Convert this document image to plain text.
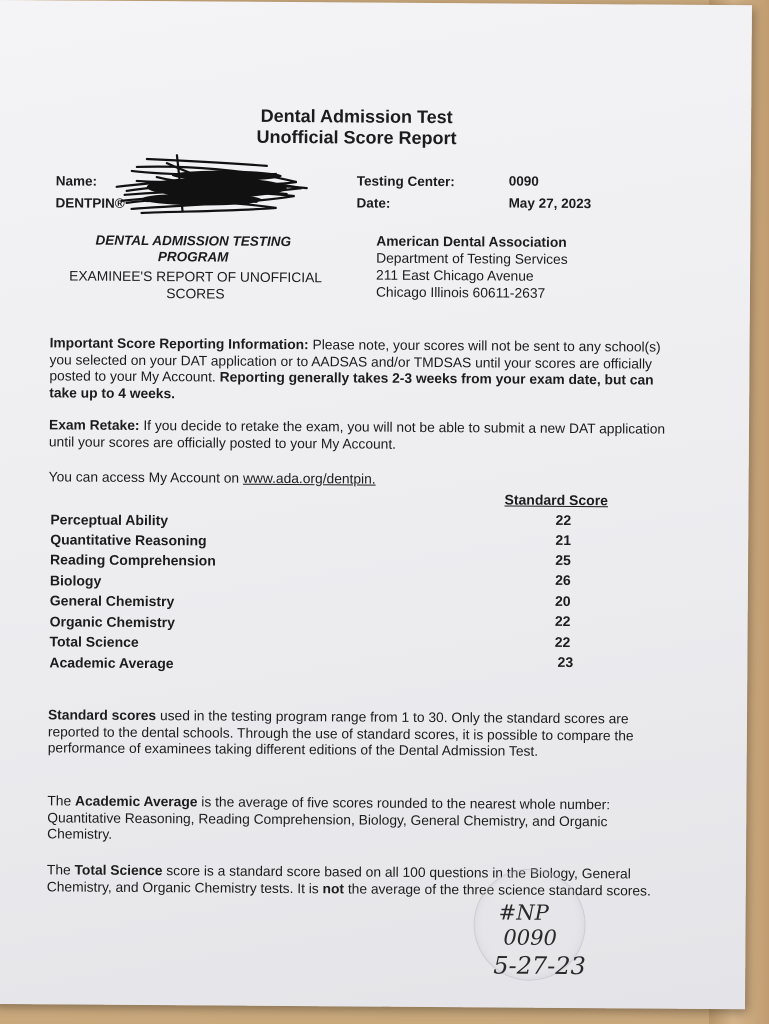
Dental Admission Test
Unofficial Score Report
Name:
DENTPIN®
Testing Center:	0090
Date:	May 27, 2023
DENTAL ADMISSION TESTING
PROGRAM
EXAMINEE'S REPORT OF UNOFFICIAL
SCORES
American Dental Association
Department of Testing Services
211 East Chicago Avenue
Chicago Illinois 60611-2637
Important Score Reporting Information: Please note, your scores will not be sent to any school(s) you selected on your DAT application or to AADSAS and/or TMDSAS until your scores are officially posted to your My Account. Reporting generally takes 2-3 weeks from your exam date, but can take up to 4 weeks.
Exam Retake: If you decide to retake the exam, you will not be able to submit a new DAT application until your scores are officially posted to your My Account.
You can access My Account on www.ada.org/dentpin.
Standard Score
Perceptual Ability	22
Quantitative Reasoning	21
Reading Comprehension	25
Biology	26
General Chemistry	20
Organic Chemistry	22
Total Science	22
Academic Average	23
Standard scores used in the testing program range from 1 to 30. Only the standard scores are reported to the dental schools. Through the use of standard scores, it is possible to compare the performance of examinees taking different editions of the Dental Admission Test.
The Academic Average is the average of five scores rounded to the nearest whole number: Quantitative Reasoning, Reading Comprehension, Biology, General Chemistry, and Organic Chemistry.
The Total Science score is a standard score based on all 100 questions in the Biology, General Chemistry, and Organic Chemistry tests. It is not the average of the three science standard scores.
#NP
0090
5-27-23
